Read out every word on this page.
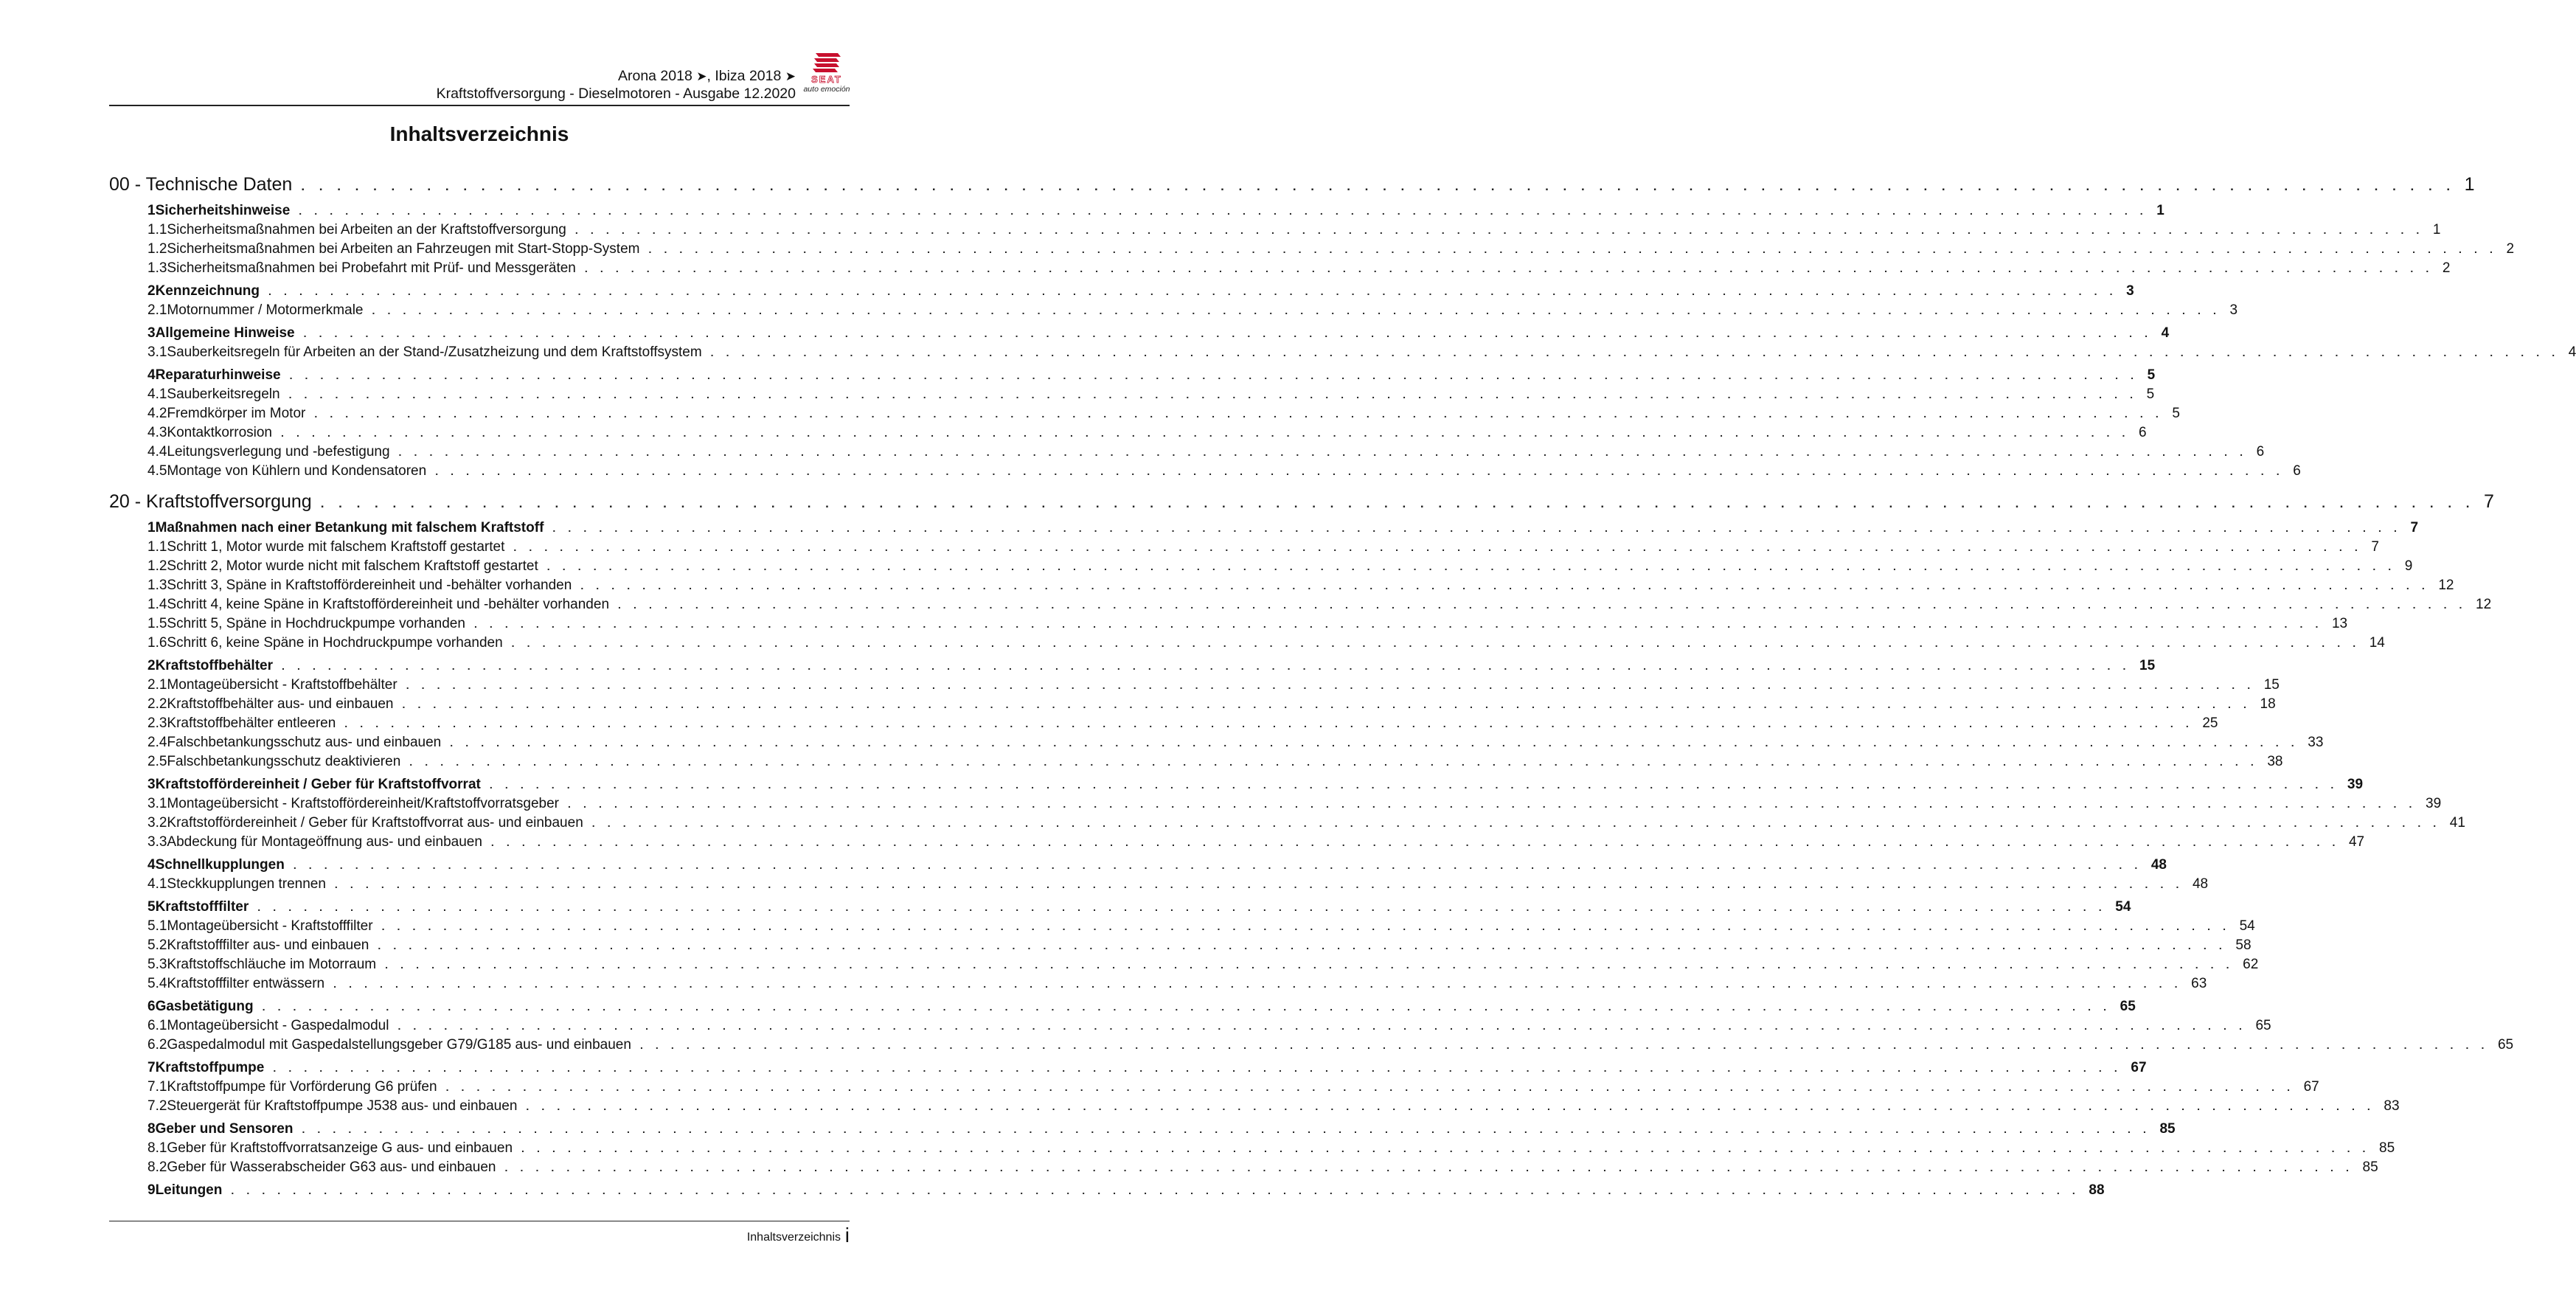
Arona 2018 ➤, Ibiza 2018 ➤
Kraftstoffversorgung - Dieselmotoren - Ausgabe 12.2020
SEAT
auto emoción
Inhaltsverzeichnis
00 - Technische Daten . . . . . . . . . . . . . . . . . . . . . . . . . . . . . . . . . . . . . . . . . . . . . . . . . . . . . . . . . . . . . . . . . . . . . . . . . . . . . . . . . . . . . . . . . . . . . . . . . . . . . . . . . . . . . . . . . . . . . . . . 1
1 Sicherheitshinweise . . . . . . . . . . . . . . . . . . . . . . . . . . . . . . . . . . . . . . . . . . . . . . . . . . . . . . . . . . . . . . . . . . . . . . . . . . . . . . . . . . . . . . . . . . . . . . . . . . . . . . . . . . . . . . . . . . . . . . . . 1
1.1 Sicherheitsmaßnahmen bei Arbeiten an der Kraftstoffversorgung . . . . . . . . . . . . . . . . . . . . . . . . . . . . . . . . . . . . . . . . . . . . . . . . . . . . . . . . . . . . . . . . . . . . . . . . . . . . . . . . . . . . . . . . . . . . . . . . . . . . . . . . . . . . . . . . . . . . . . . . 1
1.2 Sicherheitsmaßnahmen bei Arbeiten an Fahrzeugen mit Start-Stopp-System . . . . . . . . . . . . . . . . . . . . . . . . . . . . . . . . . . . . . . . . . . . . . . . . . . . . . . . . . . . . . . . . . . . . . . . . . . . . . . . . . . . . . . . . . . . . . . . . . . . . . . . . . . . . . . . . . . . . . . . . 2
1.3 Sicherheitsmaßnahmen bei Probefahrt mit Prüf- und Messgeräten . . . . . . . . . . . . . . . . . . . . . . . . . . . . . . . . . . . . . . . . . . . . . . . . . . . . . . . . . . . . . . . . . . . . . . . . . . . . . . . . . . . . . . . . . . . . . . . . . . . . . . . . . . . . . . . . . . . . . . . . 2
2 Kennzeichnung . . . . . . . . . . . . . . . . . . . . . . . . . . . . . . . . . . . . . . . . . . . . . . . . . . . . . . . . . . . . . . . . . . . . . . . . . . . . . . . . . . . . . . . . . . . . . . . . . . . . . . . . . . . . . . . . . . . . . . . . 3
2.1 Motornummer / Motormerkmale . . . . . . . . . . . . . . . . . . . . . . . . . . . . . . . . . . . . . . . . . . . . . . . . . . . . . . . . . . . . . . . . . . . . . . . . . . . . . . . . . . . . . . . . . . . . . . . . . . . . . . . . . . . . . . . . . . . . . . . . 3
3 Allgemeine Hinweise . . . . . . . . . . . . . . . . . . . . . . . . . . . . . . . . . . . . . . . . . . . . . . . . . . . . . . . . . . . . . . . . . . . . . . . . . . . . . . . . . . . . . . . . . . . . . . . . . . . . . . . . . . . . . . . . . . . . . . . . 4
3.1 Sauberkeitsregeln für Arbeiten an der Stand-/Zusatzheizung und dem Kraftstoffsystem . . . . . . . . . . . . . . . . . . . . . . . . . . . . . . . . . . . . . . . . . . . . . . . . . . . . . . . . . . . . . . . . . . . . . . . . . . . . . . . . . . . . . . . . . . . . . . . . . . . . . . . . . . . . . . . . . . . . . . . . 4
4 Reparaturhinweise . . . . . . . . . . . . . . . . . . . . . . . . . . . . . . . . . . . . . . . . . . . . . . . . . . . . . . . . . . . . . . . . . . . . . . . . . . . . . . . . . . . . . . . . . . . . . . . . . . . . . . . . . . . . . . . . . . . . . . . . 5
4.1 Sauberkeitsregeln . . . . . . . . . . . . . . . . . . . . . . . . . . . . . . . . . . . . . . . . . . . . . . . . . . . . . . . . . . . . . . . . . . . . . . . . . . . . . . . . . . . . . . . . . . . . . . . . . . . . . . . . . . . . . . . . . . . . . . . . 5
4.2 Fremdkörper im Motor . . . . . . . . . . . . . . . . . . . . . . . . . . . . . . . . . . . . . . . . . . . . . . . . . . . . . . . . . . . . . . . . . . . . . . . . . . . . . . . . . . . . . . . . . . . . . . . . . . . . . . . . . . . . . . . . . . . . . . . . 5
4.3 Kontaktkorrosion . . . . . . . . . . . . . . . . . . . . . . . . . . . . . . . . . . . . . . . . . . . . . . . . . . . . . . . . . . . . . . . . . . . . . . . . . . . . . . . . . . . . . . . . . . . . . . . . . . . . . . . . . . . . . . . . . . . . . . . . 6
4.4 Leitungsverlegung und -befestigung . . . . . . . . . . . . . . . . . . . . . . . . . . . . . . . . . . . . . . . . . . . . . . . . . . . . . . . . . . . . . . . . . . . . . . . . . . . . . . . . . . . . . . . . . . . . . . . . . . . . . . . . . . . . . . . . . . . . . . . . 6
4.5 Montage von Kühlern und Kondensatoren . . . . . . . . . . . . . . . . . . . . . . . . . . . . . . . . . . . . . . . . . . . . . . . . . . . . . . . . . . . . . . . . . . . . . . . . . . . . . . . . . . . . . . . . . . . . . . . . . . . . . . . . . . . . . . . . . . . . . . . . 6
20 - Kraftstoffversorgung . . . . . . . . . . . . . . . . . . . . . . . . . . . . . . . . . . . . . . . . . . . . . . . . . . . . . . . . . . . . . . . . . . . . . . . . . . . . . . . . . . . . . . . . . . . . . . . . . . . . . . . . . . . . . . . . . . . . . . . . 7
1 Maßnahmen nach einer Betankung mit falschem Kraftstoff . . . . . . . . . . . . . . . . . . . . . . . . . . . . . . . . . . . . . . . . . . . . . . . . . . . . . . . . . . . . . . . . . . . . . . . . . . . . . . . . . . . . . . . . . . . . . . . . . . . . . . . . . . . . . . . . . . . . . . . . 7
1.1 Schritt 1, Motor wurde mit falschem Kraftstoff gestartet . . . . . . . . . . . . . . . . . . . . . . . . . . . . . . . . . . . . . . . . . . . . . . . . . . . . . . . . . . . . . . . . . . . . . . . . . . . . . . . . . . . . . . . . . . . . . . . . . . . . . . . . . . . . . . . . . . . . . . . . 7
1.2 Schritt 2, Motor wurde nicht mit falschem Kraftstoff gestartet . . . . . . . . . . . . . . . . . . . . . . . . . . . . . . . . . . . . . . . . . . . . . . . . . . . . . . . . . . . . . . . . . . . . . . . . . . . . . . . . . . . . . . . . . . . . . . . . . . . . . . . . . . . . . . . . . . . . . . . . 9
1.3 Schritt 3, Späne in Kraftstoffördereinheit und -behälter vorhanden . . . . . . . . . . . . . . . . . . . . . . . . . . . . . . . . . . . . . . . . . . . . . . . . . . . . . . . . . . . . . . . . . . . . . . . . . . . . . . . . . . . . . . . . . . . . . . . . . . . . . . . . . . . . . . . . . . . . . . . . 12
1.4 Schritt 4, keine Späne in Kraftstoffördereinheit und -behälter vorhanden . . . . . . . . . . . . . . . . . . . . . . . . . . . . . . . . . . . . . . . . . . . . . . . . . . . . . . . . . . . . . . . . . . . . . . . . . . . . . . . . . . . . . . . . . . . . . . . . . . . . . . . . . . . . . . . . . . . . . . . . 12
1.5 Schritt 5, Späne in Hochdruckpumpe vorhanden . . . . . . . . . . . . . . . . . . . . . . . . . . . . . . . . . . . . . . . . . . . . . . . . . . . . . . . . . . . . . . . . . . . . . . . . . . . . . . . . . . . . . . . . . . . . . . . . . . . . . . . . . . . . . . . . . . . . . . . . 13
1.6 Schritt 6, keine Späne in Hochdruckpumpe vorhanden . . . . . . . . . . . . . . . . . . . . . . . . . . . . . . . . . . . . . . . . . . . . . . . . . . . . . . . . . . . . . . . . . . . . . . . . . . . . . . . . . . . . . . . . . . . . . . . . . . . . . . . . . . . . . . . . . . . . . . . . 14
2 Kraftstoffbehälter . . . . . . . . . . . . . . . . . . . . . . . . . . . . . . . . . . . . . . . . . . . . . . . . . . . . . . . . . . . . . . . . . . . . . . . . . . . . . . . . . . . . . . . . . . . . . . . . . . . . . . . . . . . . . . . . . . . . . . . . 15
2.1 Montageübersicht - Kraftstoffbehälter . . . . . . . . . . . . . . . . . . . . . . . . . . . . . . . . . . . . . . . . . . . . . . . . . . . . . . . . . . . . . . . . . . . . . . . . . . . . . . . . . . . . . . . . . . . . . . . . . . . . . . . . . . . . . . . . . . . . . . . . 15
2.2 Kraftstoffbehälter aus- und einbauen . . . . . . . . . . . . . . . . . . . . . . . . . . . . . . . . . . . . . . . . . . . . . . . . . . . . . . . . . . . . . . . . . . . . . . . . . . . . . . . . . . . . . . . . . . . . . . . . . . . . . . . . . . . . . . . . . . . . . . . . 18
2.3 Kraftstoffbehälter entleeren . . . . . . . . . . . . . . . . . . . . . . . . . . . . . . . . . . . . . . . . . . . . . . . . . . . . . . . . . . . . . . . . . . . . . . . . . . . . . . . . . . . . . . . . . . . . . . . . . . . . . . . . . . . . . . . . . . . . . . . . 25
2.4 Falschbetankungsschutz aus- und einbauen . . . . . . . . . . . . . . . . . . . . . . . . . . . . . . . . . . . . . . . . . . . . . . . . . . . . . . . . . . . . . . . . . . . . . . . . . . . . . . . . . . . . . . . . . . . . . . . . . . . . . . . . . . . . . . . . . . . . . . . . 33
2.5 Falschbetankungsschutz deaktivieren . . . . . . . . . . . . . . . . . . . . . . . . . . . . . . . . . . . . . . . . . . . . . . . . . . . . . . . . . . . . . . . . . . . . . . . . . . . . . . . . . . . . . . . . . . . . . . . . . . . . . . . . . . . . . . . . . . . . . . . . 38
3 Kraftstoffördereinheit / Geber für Kraftstoffvorrat . . . . . . . . . . . . . . . . . . . . . . . . . . . . . . . . . . . . . . . . . . . . . . . . . . . . . . . . . . . . . . . . . . . . . . . . . . . . . . . . . . . . . . . . . . . . . . . . . . . . . . . . . . . . . . . . . . . . . . . . 39
3.1 Montageübersicht - Kraftstoffördereinheit/Kraftstoffvorratsgeber . . . . . . . . . . . . . . . . . . . . . . . . . . . . . . . . . . . . . . . . . . . . . . . . . . . . . . . . . . . . . . . . . . . . . . . . . . . . . . . . . . . . . . . . . . . . . . . . . . . . . . . . . . . . . . . . . . . . . . . . 39
3.2 Kraftstoffördereinheit / Geber für Kraftstoffvorrat aus- und einbauen . . . . . . . . . . . . . . . . . . . . . . . . . . . . . . . . . . . . . . . . . . . . . . . . . . . . . . . . . . . . . . . . . . . . . . . . . . . . . . . . . . . . . . . . . . . . . . . . . . . . . . . . . . . . . . . . . . . . . . . . 41
3.3 Abdeckung für Montageöffnung aus- und einbauen . . . . . . . . . . . . . . . . . . . . . . . . . . . . . . . . . . . . . . . . . . . . . . . . . . . . . . . . . . . . . . . . . . . . . . . . . . . . . . . . . . . . . . . . . . . . . . . . . . . . . . . . . . . . . . . . . . . . . . . . 47
4 Schnellkupplungen . . . . . . . . . . . . . . . . . . . . . . . . . . . . . . . . . . . . . . . . . . . . . . . . . . . . . . . . . . . . . . . . . . . . . . . . . . . . . . . . . . . . . . . . . . . . . . . . . . . . . . . . . . . . . . . . . . . . . . . . 48
4.1 Steckkupplungen trennen . . . . . . . . . . . . . . . . . . . . . . . . . . . . . . . . . . . . . . . . . . . . . . . . . . . . . . . . . . . . . . . . . . . . . . . . . . . . . . . . . . . . . . . . . . . . . . . . . . . . . . . . . . . . . . . . . . . . . . . . 48
5 Kraftstofffilter . . . . . . . . . . . . . . . . . . . . . . . . . . . . . . . . . . . . . . . . . . . . . . . . . . . . . . . . . . . . . . . . . . . . . . . . . . . . . . . . . . . . . . . . . . . . . . . . . . . . . . . . . . . . . . . . . . . . . . . . 54
5.1 Montageübersicht - Kraftstofffilter . . . . . . . . . . . . . . . . . . . . . . . . . . . . . . . . . . . . . . . . . . . . . . . . . . . . . . . . . . . . . . . . . . . . . . . . . . . . . . . . . . . . . . . . . . . . . . . . . . . . . . . . . . . . . . . . . . . . . . . . 54
5.2 Kraftstofffilter aus- und einbauen . . . . . . . . . . . . . . . . . . . . . . . . . . . . . . . . . . . . . . . . . . . . . . . . . . . . . . . . . . . . . . . . . . . . . . . . . . . . . . . . . . . . . . . . . . . . . . . . . . . . . . . . . . . . . . . . . . . . . . . . 58
5.3 Kraftstoffschläuche im Motorraum . . . . . . . . . . . . . . . . . . . . . . . . . . . . . . . . . . . . . . . . . . . . . . . . . . . . . . . . . . . . . . . . . . . . . . . . . . . . . . . . . . . . . . . . . . . . . . . . . . . . . . . . . . . . . . . . . . . . . . . . 62
5.4 Kraftstofffilter entwässern . . . . . . . . . . . . . . . . . . . . . . . . . . . . . . . . . . . . . . . . . . . . . . . . . . . . . . . . . . . . . . . . . . . . . . . . . . . . . . . . . . . . . . . . . . . . . . . . . . . . . . . . . . . . . . . . . . . . . . . . 63
6 Gasbetätigung . . . . . . . . . . . . . . . . . . . . . . . . . . . . . . . . . . . . . . . . . . . . . . . . . . . . . . . . . . . . . . . . . . . . . . . . . . . . . . . . . . . . . . . . . . . . . . . . . . . . . . . . . . . . . . . . . . . . . . . . 65
6.1 Montageübersicht - Gaspedalmodul . . . . . . . . . . . . . . . . . . . . . . . . . . . . . . . . . . . . . . . . . . . . . . . . . . . . . . . . . . . . . . . . . . . . . . . . . . . . . . . . . . . . . . . . . . . . . . . . . . . . . . . . . . . . . . . . . . . . . . . . 65
6.2 Gaspedalmodul mit Gaspedalstellungsgeber G79/G185 aus- und einbauen . . . . . . . . . . . . . . . . . . . . . . . . . . . . . . . . . . . . . . . . . . . . . . . . . . . . . . . . . . . . . . . . . . . . . . . . . . . . . . . . . . . . . . . . . . . . . . . . . . . . . . . . . . . . . . . . . . . . . . . . 65
7 Kraftstoffpumpe . . . . . . . . . . . . . . . . . . . . . . . . . . . . . . . . . . . . . . . . . . . . . . . . . . . . . . . . . . . . . . . . . . . . . . . . . . . . . . . . . . . . . . . . . . . . . . . . . . . . . . . . . . . . . . . . . . . . . . . . 67
7.1 Kraftstoffpumpe für Vorförderung G6 prüfen . . . . . . . . . . . . . . . . . . . . . . . . . . . . . . . . . . . . . . . . . . . . . . . . . . . . . . . . . . . . . . . . . . . . . . . . . . . . . . . . . . . . . . . . . . . . . . . . . . . . . . . . . . . . . . . . . . . . . . . . 67
7.2 Steuergerät für Kraftstoffpumpe J538 aus- und einbauen . . . . . . . . . . . . . . . . . . . . . . . . . . . . . . . . . . . . . . . . . . . . . . . . . . . . . . . . . . . . . . . . . . . . . . . . . . . . . . . . . . . . . . . . . . . . . . . . . . . . . . . . . . . . . . . . . . . . . . . . 83
8 Geber und Sensoren . . . . . . . . . . . . . . . . . . . . . . . . . . . . . . . . . . . . . . . . . . . . . . . . . . . . . . . . . . . . . . . . . . . . . . . . . . . . . . . . . . . . . . . . . . . . . . . . . . . . . . . . . . . . . . . . . . . . . . . . 85
8.1 Geber für Kraftstoffvorratsanzeige G aus- und einbauen . . . . . . . . . . . . . . . . . . . . . . . . . . . . . . . . . . . . . . . . . . . . . . . . . . . . . . . . . . . . . . . . . . . . . . . . . . . . . . . . . . . . . . . . . . . . . . . . . . . . . . . . . . . . . . . . . . . . . . . . 85
8.2 Geber für Wasserabscheider G63 aus- und einbauen . . . . . . . . . . . . . . . . . . . . . . . . . . . . . . . . . . . . . . . . . . . . . . . . . . . . . . . . . . . . . . . . . . . . . . . . . . . . . . . . . . . . . . . . . . . . . . . . . . . . . . . . . . . . . . . . . . . . . . . . 85
9 Leitungen . . . . . . . . . . . . . . . . . . . . . . . . . . . . . . . . . . . . . . . . . . . . . . . . . . . . . . . . . . . . . . . . . . . . . . . . . . . . . . . . . . . . . . . . . . . . . . . . . . . . . . . . . . . . . . . . . . . . . . . . 88
Inhaltsverzeichnis i
